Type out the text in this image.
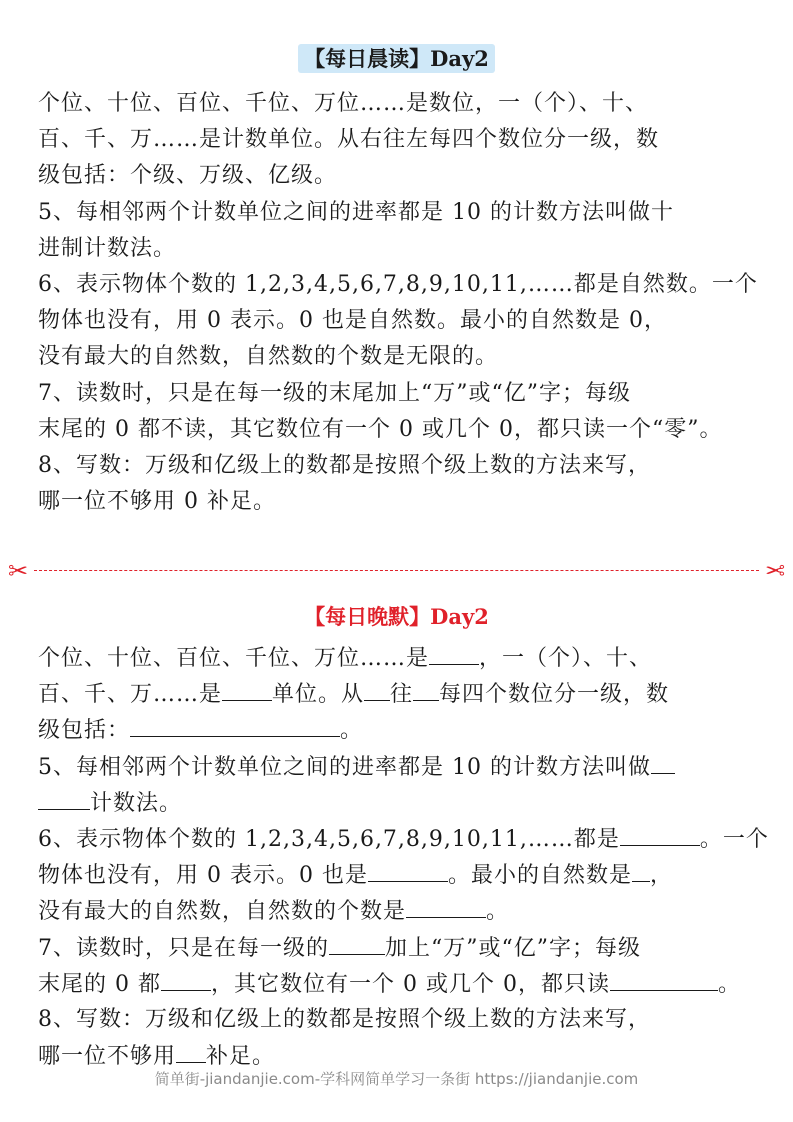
【每日晨读】Day2
个位、十位、百位、千位、万位……是数位，一（个）、十、
百、千、万……是计数单位。从右往左每四个数位分一级，数
级包括：个级、万级、亿级。
5、每相邻两个计数单位之间的进率都是 10 的计数方法叫做十
进制计数法。
6、表示物体个数的 1,2,3,4,5,6,7,8,9,10,11,……都是自然数。一个
物体也没有，用 0 表示。0 也是自然数。最小的自然数是 0，
没有最大的自然数，自然数的个数是无限的。
7、读数时，只是在每一级的末尾加上“万”或“亿”字；每级
末尾的 0 都不读，其它数位有一个 0 或几个 0，都只读一个“零”。
8、写数：万级和亿级上的数都是按照个级上数的方法来写，
哪一位不够用 0 补足。
✂	✂
【每日晚默】Day2
个位、十位、百位、千位、万位……是 ，一（个）、十、
百、千、万……是 单位。从 往 每四个数位分一级，数
级包括：	。
5、每相邻两个计数单位之间的进率都是 10 的计数方法叫做
计数法。
6、表示物体个数的 1,2,3,4,5,6,7,8,9,10,11,……都是	。一个
物体也没有，用 0 表示。0 也是	。最小的自然数是 ，
没有最大的自然数，自然数的个数是	。
7、读数时，只是在每一级的	加上“万”或“亿”字；每级
末尾的 0 都 ，其它数位有一个 0 或几个 0，都只读	。
8、写数：万级和亿级上的数都是按照个级上数的方法来写，
哪一位不够用 补足。
简单街-jiandanjie.com-学科网简单学习一条街 https://jiandanjie.com
